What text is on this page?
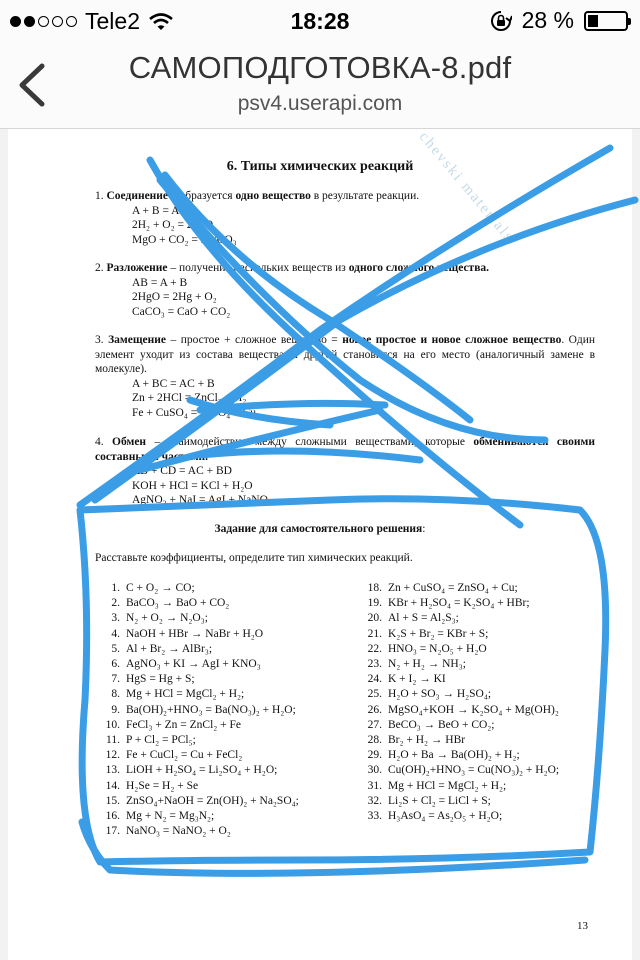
Tele2	18:28	28 %
САМОПОДГОТОВКА-8.pdf
psv4.userapi.com
chevski materials
6. Типы химических реакций

1. Соединение – образуется одно вещество в результате реакции.

A + B = AB
2H₂ + O₂ = 2H₂O
MgO + CO₂ = MgCO₃

2. Разложение – получение нескольких веществ из одного сложного вещества.

AB = A + B
2HgO = 2Hg + O₂
CaCO₃ = CaO + CO₂

3. Замещение – простое + сложное вещество = новое простое и новое сложное вещество. Один элемент уходит из состава вещества, а другой становится на его место (аналогичный замене в молекуле).

A + BC = AC + B
Zn + 2HCl = ZnCl₂ + H₂
Fe + CuSO₄ = FeSO₄ + Cu

4. Обмен – взаимодействие между сложными веществами, которые обмениваются своими составными частями.

AB + CD = AC + BD
KOH + HCl = KCl + H₂O
AgNO₃ + NaI = AgI + NaNO₃
Задание для самостоятельного решения:
Расставьте коэффициенты, определите тип химических реакций.
1. C + O₂ → CO;
2. BaCO₃ → BaO + CO₂
3. N₂ + O₂ → N₂O₃;
4. NaOH + HBr → NaBr + H₂O
5. Al + Br₂ → AlBr₃;
6. AgNO₃ + KI → AgI + KNO₃
7. HgS = Hg + S;
8. Mg + HCl = MgCl₂ + H₂;
9. Ba(OH)₂+HNO₃ = Ba(NO₃)₂ + H₂O;
10. FeCl₃ + Zn = ZnCl₂ + Fe
11. P + Cl₂ = PCl₅;
12. Fe + CuCl₂ = Cu + FeCl₂
13. LiOH + H₂SO₄ = Li₂SO₄ + H₂O;
14. H₂Se = H₂ + Se
15. ZnSO₄+NaOH = Zn(OH)₂ + Na₂SO₄;
16. Mg + N₂ = Mg₃N₂;
17. NaNO₃ = NaNO₂ + O₂
18. Zn + CuSO₄ = ZnSO₄ + Cu;
19. KBr + H₂SO₄ = K₂SO₄ + HBr;
20. Al + S = Al₂S₃;
21. K₂S + Br₂ = KBr + S;
22. HNO₃ = N₂O₅ + H₂O
23. N₂ + H₂ → NH₃;
24. K + I₂ → KI
25. H₂O + SO₃ → H₂SO₄;
26. MgSO₄+KOH → K₂SO₄ + Mg(OH)₂
27. BeCO₃ → BeO + CO₂;
28. Br₂ + H₂ → HBr
29. H₂O + Ba → Ba(OH)₂ + H₂;
30. Cu(OH)₂+HNO₃ = Cu(NO₃)₂ + H₂O;
31. Mg + HCl = MgCl₂ + H₂;
32. Li₂S + Cl₂ = LiCl + S;
33. H₃AsO₄ = As₂O₅ + H₂O;
13
